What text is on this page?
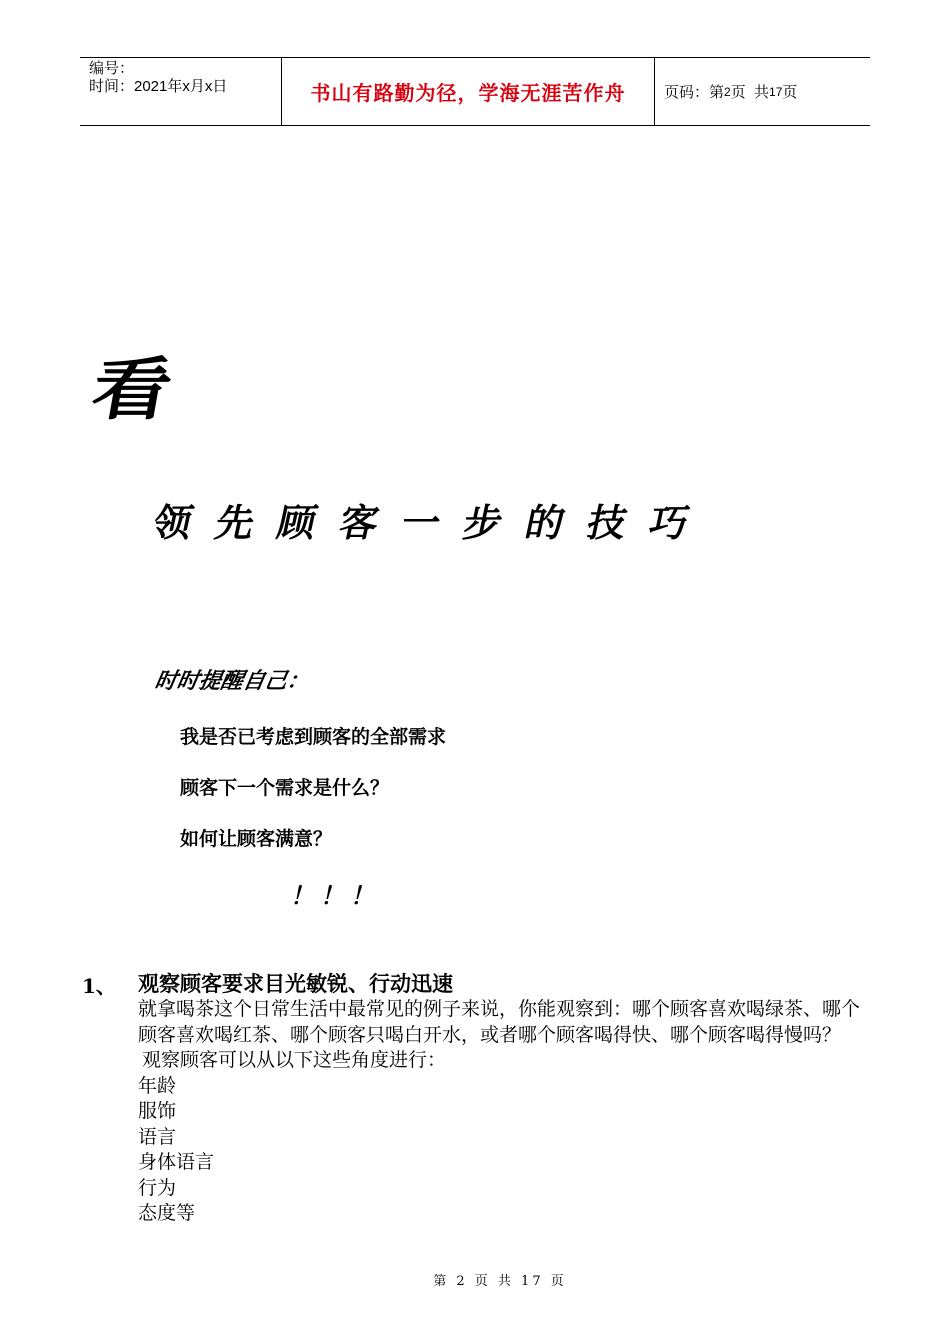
编号：
时间：2021年x月x日	书山有路勤为径，学海无涯苦作舟	页码：第 2 页  共 17 页
看
领先顾客一步的技巧
时时提醒自己：
我是否已考虑到顾客的全部需求
顾客下一个需求是什么？
如何让顾客满意？
！！！
1、 观察顾客要求目光敏锐、行动迅速

就拿喝茶这个日常生活中最常见的例子来说，你能观察到：哪个顾客喜欢喝绿茶、哪个顾客喜欢喝红茶、哪个顾客只喝白开水，或者哪个顾客喝得快、哪个顾客喝得慢吗？

观察顾客可以从以下这些角度进行：

年龄

服饰

语言

身体语言

行为

态度等

第 2 页 共 17 页
